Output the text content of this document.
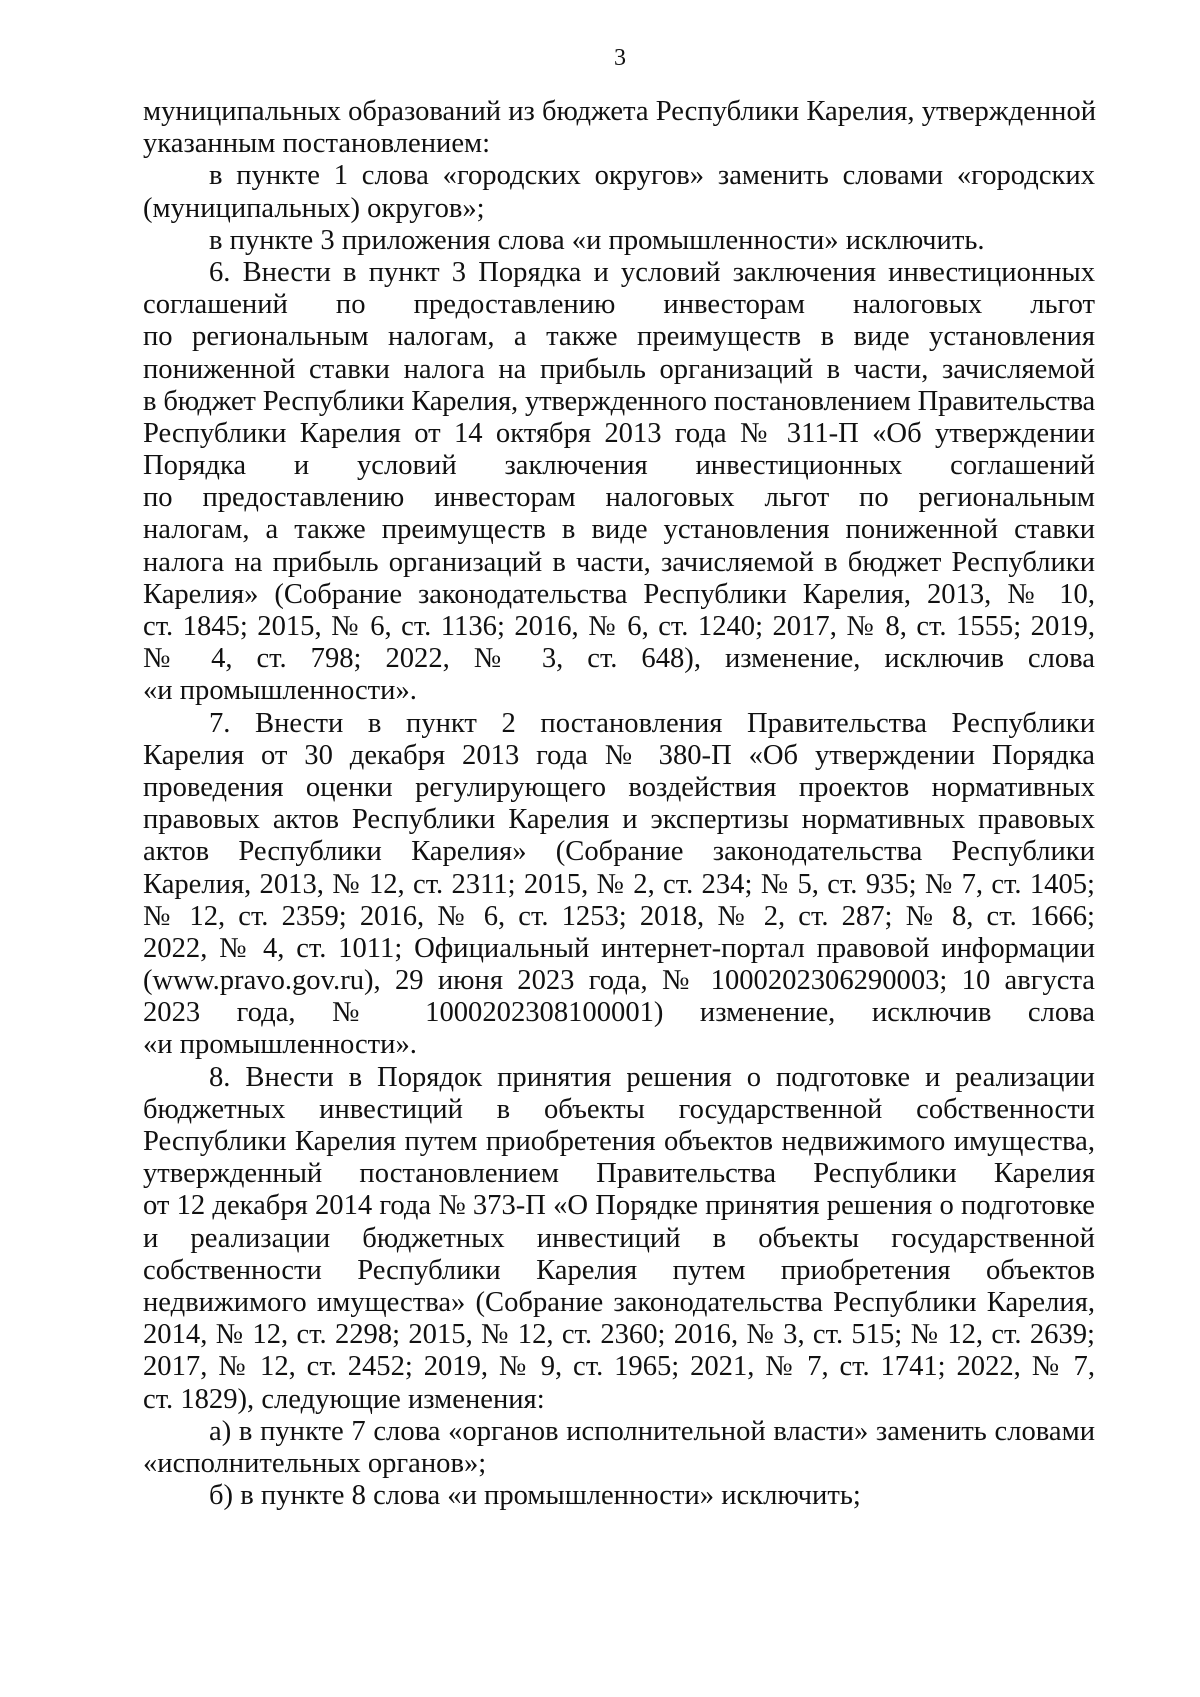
3
муниципальных образований из бюджета Республики Карелия, утвержденной
указанным постановлением:
в пункте 1 слова «городских округов» заменить словами «городских
(муниципальных) округов»;
в пункте 3 приложения слова «и промышленности» исключить.
6. Внести в пункт 3 Порядка и условий заключения инвестиционных
соглашений по предоставлению инвесторам налоговых льгот
по региональным налогам, а также преимуществ в виде установления
пониженной ставки налога на прибыль организаций в части, зачисляемой
в бюджет Республики Карелия, утвержденного постановлением Правительства
Республики Карелия от 14 октября 2013 года № 311-П «Об утверждении
Порядка и условий заключения инвестиционных соглашений
по предоставлению инвесторам налоговых льгот по региональным
налогам, а также преимуществ в виде установления пониженной ставки
налога на прибыль организаций в части, зачисляемой в бюджет Республики
Карелия» (Собрание законодательства Республики Карелия, 2013, № 10,
ст. 1845; 2015, № 6, ст. 1136; 2016, № 6, ст. 1240; 2017, № 8, ст. 1555; 2019,
№ 4, ст. 798; 2022, № 3, ст. 648), изменение, исключив слова
«и промышленности».
7. Внести в пункт 2 постановления Правительства Республики
Карелия от 30 декабря 2013 года № 380-П «Об утверждении Порядка
проведения оценки регулирующего воздействия проектов нормативных
правовых актов Республики Карелия и экспертизы нормативных правовых
актов Республики Карелия» (Собрание законодательства Республики
Карелия, 2013, № 12, ст. 2311; 2015, № 2, ст. 234; № 5, ст. 935; № 7, ст. 1405;
№ 12, ст. 2359; 2016, № 6, ст. 1253; 2018, № 2, ст. 287; № 8, ст. 1666;
2022, № 4, ст. 1011; Официальный интернет-портал правовой информации
(www.pravo.gov.ru), 29 июня 2023 года, № 1000202306290003; 10 августа
2023 года, № 1000202308100001) изменение, исключив слова
«и промышленности».
8. Внести в Порядок принятия решения о подготовке и реализации
бюджетных инвестиций в объекты государственной собственности
Республики Карелия путем приобретения объектов недвижимого имущества,
утвержденный постановлением Правительства Республики Карелия
от 12 декабря 2014 года № 373-П «О Порядке принятия решения о подготовке
и реализации бюджетных инвестиций в объекты государственной
собственности Республики Карелия путем приобретения объектов
недвижимого имущества» (Собрание законодательства Республики Карелия,
2014, № 12, ст. 2298; 2015, № 12, ст. 2360; 2016, № 3, ст. 515; № 12, ст. 2639;
2017, № 12, ст. 2452; 2019, № 9, ст. 1965; 2021, № 7, ст. 1741; 2022, № 7,
ст. 1829), следующие изменения:
а) в пункте 7 слова «органов исполнительной власти» заменить словами
«исполнительных органов»;
б) в пункте 8 слова «и промышленности» исключить;
